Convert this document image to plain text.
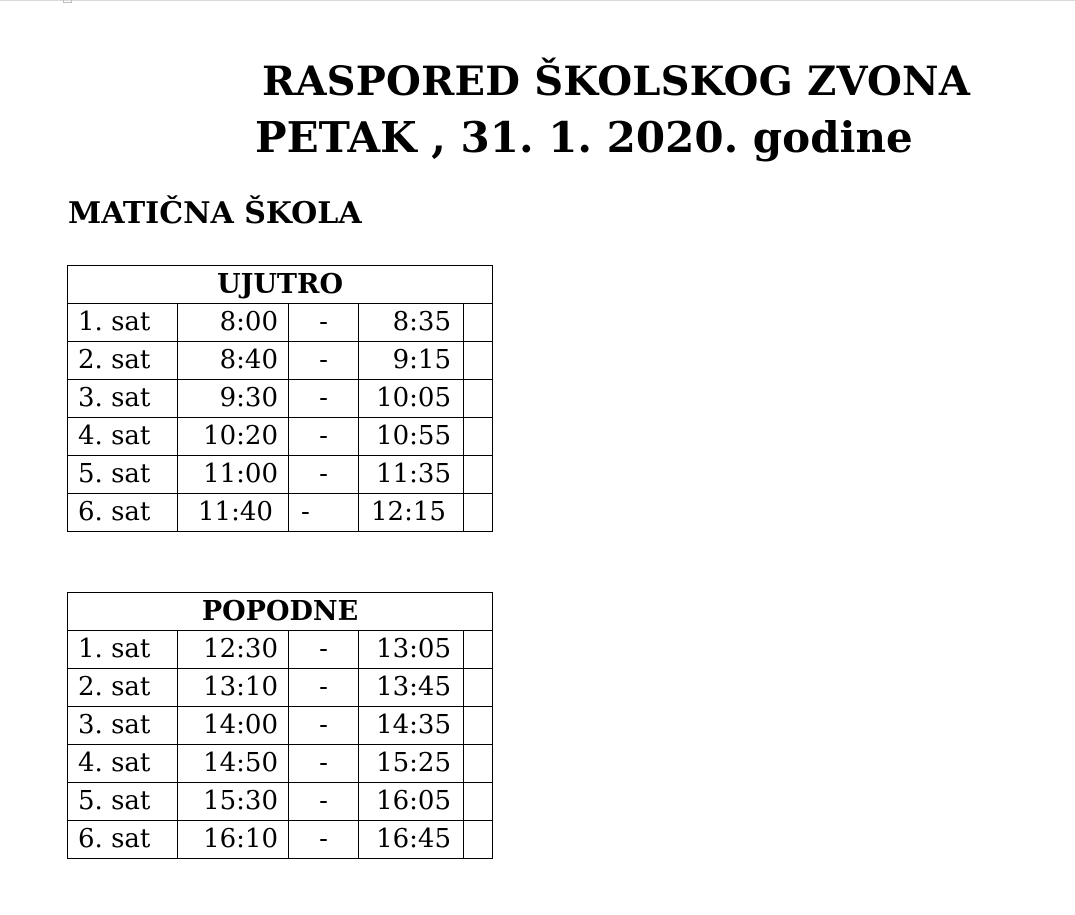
RASPORED ŠKOLSKOG ZVONA
PETAK , 31. 1. 2020. godine
MATIČNA ŠKOLA
UJUTRO				
1. sat	8:00	-	8:35	
2. sat	8:40	-	9:15	
3. sat	9:30	-	10:05	
4. sat	10:20	-	10:55	
5. sat	11:00	-	11:35	
6. sat	11:40	-	12:15	
POPODNE				
1. sat	12:30	-	13:05	
2. sat	13:10	-	13:45	
3. sat	14:00	-	14:35	
4. sat	14:50	-	15:25	
5. sat	15:30	-	16:05	
6. sat	16:10	-	16:45	
